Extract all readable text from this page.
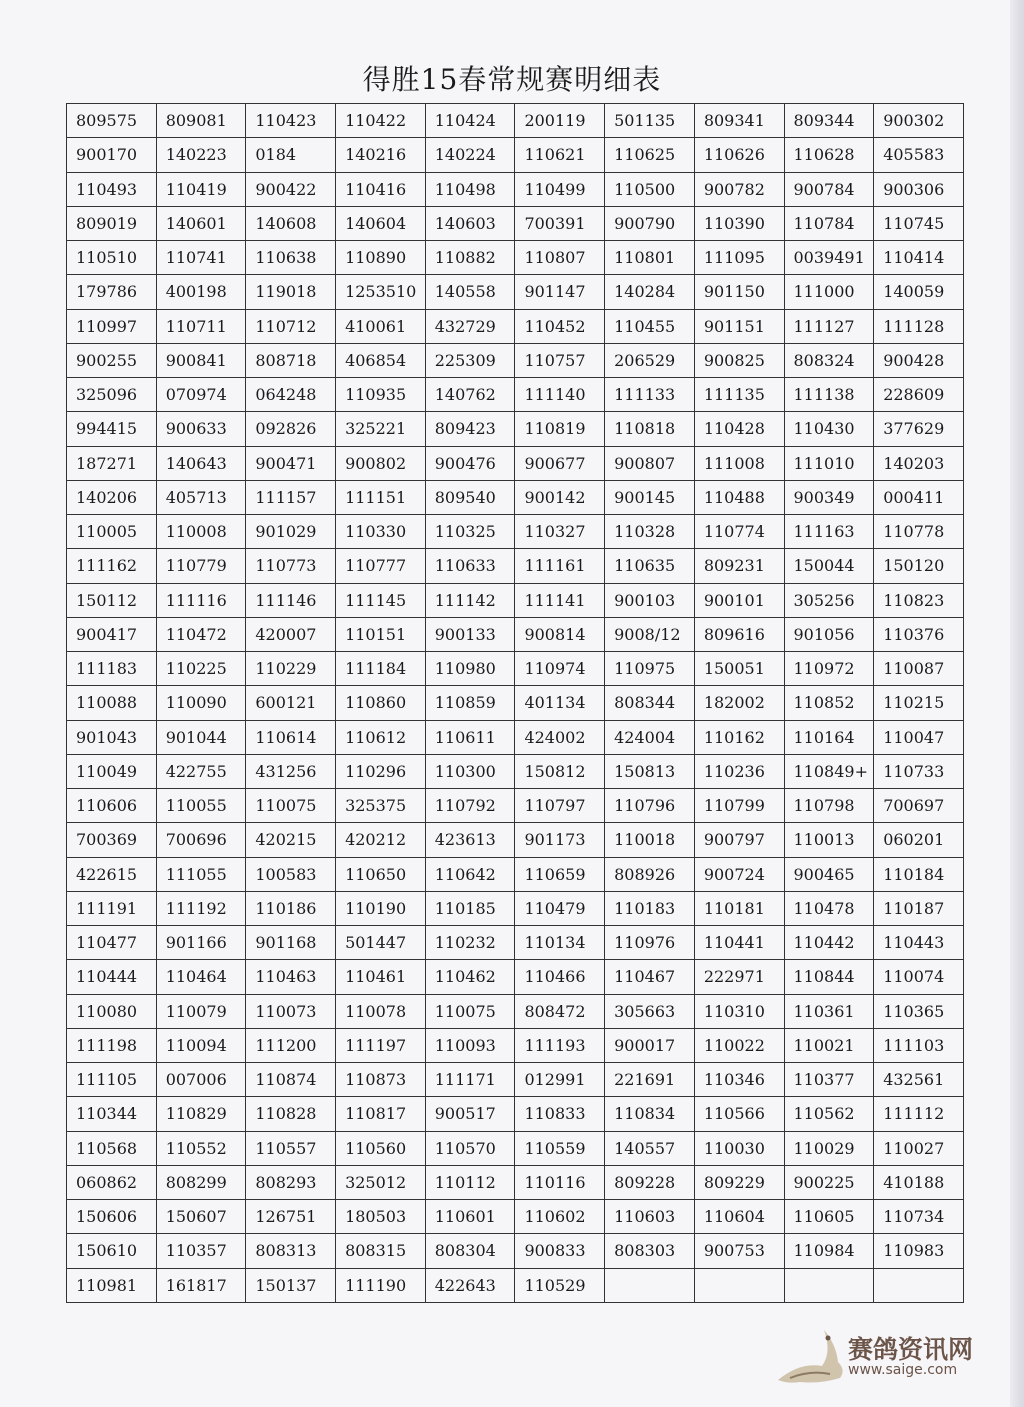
得胜15春常规赛明细表
809575	809081	110423	110422	110424	200119	501135	809341	809344	900302
900170	140223	0184	140216	140224	110621	110625	110626	110628	405583
110493	110419	900422	110416	110498	110499	110500	900782	900784	900306
809019	140601	140608	140604	140603	700391	900790	110390	110784	110745
110510	110741	110638	110890	110882	110807	110801	111095	0039491	110414
179786	400198	119018	1253510	140558	901147	140284	901150	111000	140059
110997	110711	110712	410061	432729	110452	110455	901151	111127	111128
900255	900841	808718	406854	225309	110757	206529	900825	808324	900428
325096	070974	064248	110935	140762	111140	111133	111135	111138	228609
994415	900633	092826	325221	809423	110819	110818	110428	110430	377629
187271	140643	900471	900802	900476	900677	900807	111008	111010	140203
140206	405713	111157	111151	809540	900142	900145	110488	900349	000411
110005	110008	901029	110330	110325	110327	110328	110774	111163	110778
111162	110779	110773	110777	110633	111161	110635	809231	150044	150120
150112	111116	111146	111145	111142	111141	900103	900101	305256	110823
900417	110472	420007	110151	900133	900814	9008/12	809616	901056	110376
111183	110225	110229	111184	110980	110974	110975	150051	110972	110087
110088	110090	600121	110860	110859	401134	808344	182002	110852	110215
901043	901044	110614	110612	110611	424002	424004	110162	110164	110047
110049	422755	431256	110296	110300	150812	150813	110236	110849+	110733
110606	110055	110075	325375	110792	110797	110796	110799	110798	700697
700369	700696	420215	420212	423613	901173	110018	900797	110013	060201
422615	111055	100583	110650	110642	110659	808926	900724	900465	110184
111191	111192	110186	110190	110185	110479	110183	110181	110478	110187
110477	901166	901168	501447	110232	110134	110976	110441	110442	110443
110444	110464	110463	110461	110462	110466	110467	222971	110844	110074
110080	110079	110073	110078	110075	808472	305663	110310	110361	110365
111198	110094	111200	111197	110093	111193	900017	110022	110021	111103
111105	007006	110874	110873	111171	012991	221691	110346	110377	432561
110344	110829	110828	110817	900517	110833	110834	110566	110562	111112
110568	110552	110557	110560	110570	110559	140557	110030	110029	110027
060862	808299	808293	325012	110112	110116	809228	809229	900225	410188
150606	150607	126751	180503	110601	110602	110603	110604	110605	110734
150610	110357	808313	808315	808304	900833	808303	900753	110984	110983
110981	161817	150137	111190	422643	110529				
赛鸽资讯网
www.saige.com
